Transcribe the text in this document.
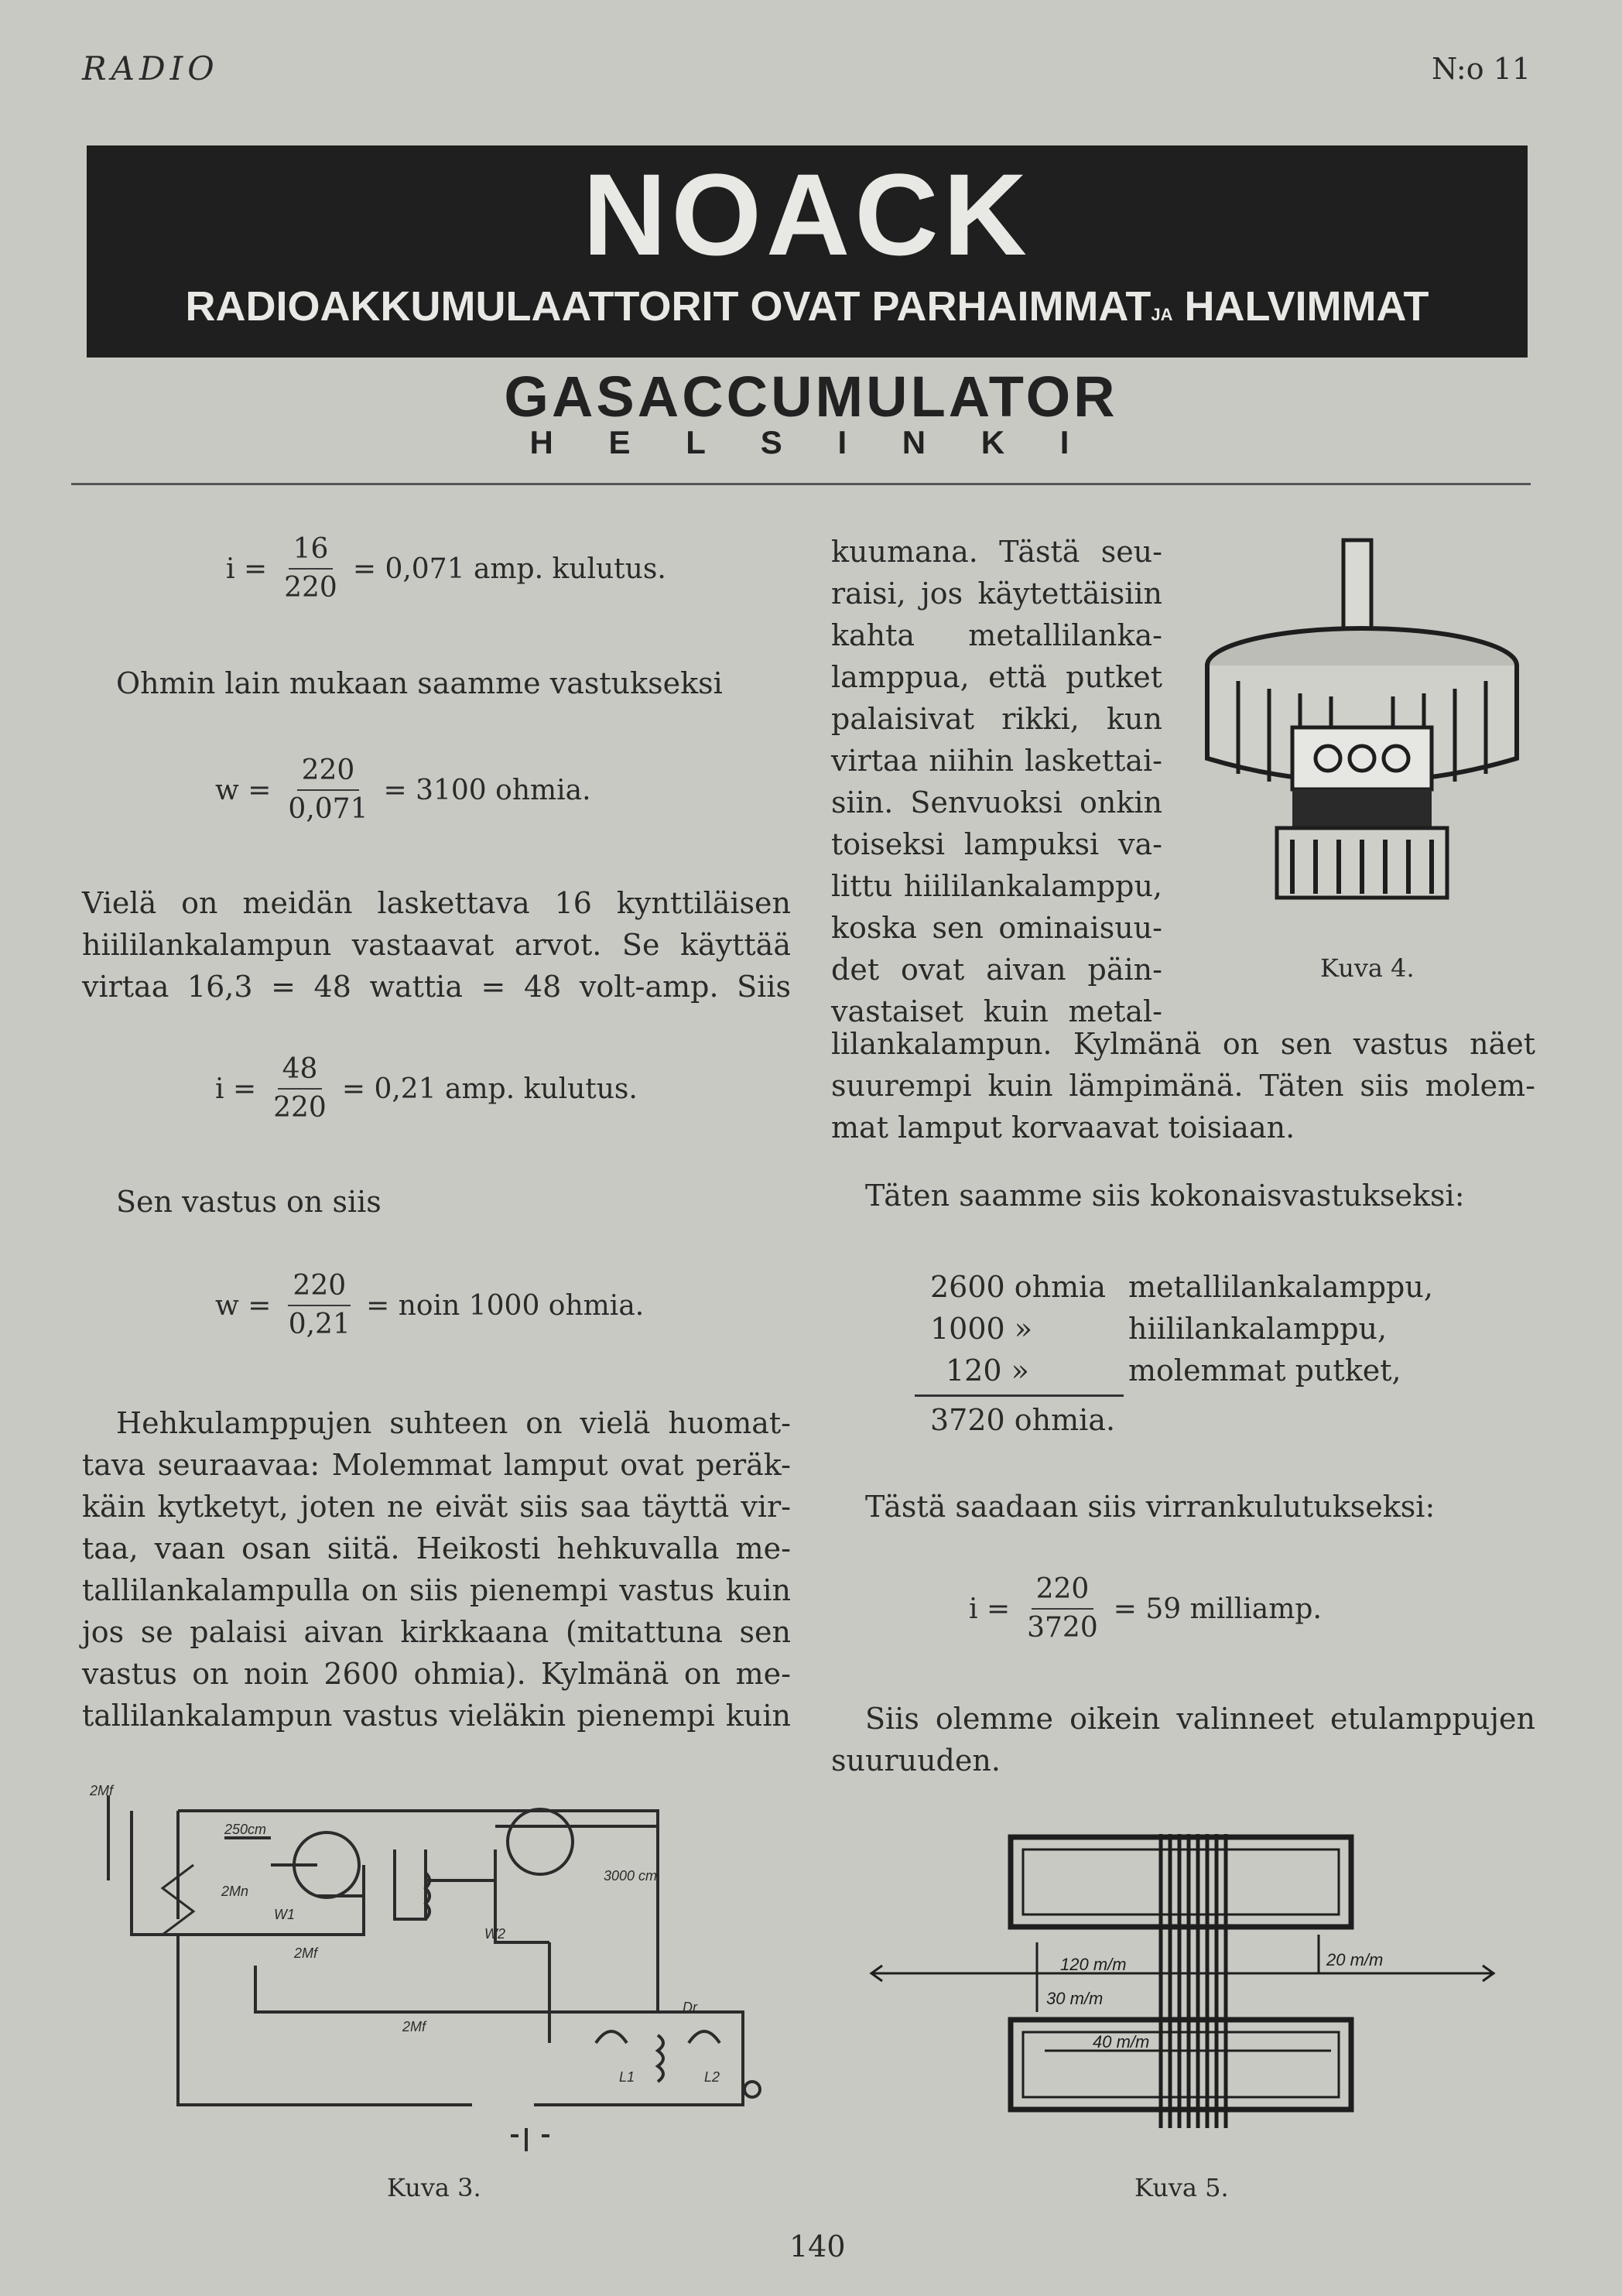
RADIO	N:o 11
NOACK
RADIOAKKUMULAATTORIT OVAT PARHAIMMATJA HALVIMMAT
GASACCUMULATOR
H E L S I N K I
$i = \frac{16}{220} = 0,071$ amp. kulutus.
Ohmin lain mukaan saamme vastukseksi
$w = \frac{220}{0,071} = 3100$ ohmia.
Vielä on meidän laskettava 16 kynttiläisen
hiililankalampun vastaavat arvot. Se käyttää
virtaa 16,3 = 48 wattia = 48 volt-amp. Siis
$i = \frac{48}{220} = 0,21$ amp. kulutus.
Sen vastus on siis
$w = \frac{220}{0,21}$ = noin 1000 ohmia.
Hehkulamppujen suhteen on vielä huomat-
tava seuraavaa: Molemmat lamput ovat peräk-
käin kytketyt, joten ne eivät siis saa täyttä vir-
taa, vaan osan siitä. Heikosti hehkuvalla me-
tallilankalampulla on siis pienempi vastus kuin
jos se palaisi aivan kirkkaana (mitattuna sen
vastus on noin 2600 ohmia). Kylmänä on me-
tallilankalampun vastus vieläkin pienempi kuin
2Mf
250cm
2Mn
W1
2Mf
W2
3000 cm
Dr
2Mf
L1	L2
Kuva 3.
kuumana. Tästä seu-
raisi, jos käytettäisiin
kahta metallilanka-
lamppua, että putket
palaisivat rikki, kun
virtaa niihin laskettai-
siin. Senvuoksi onkin
toiseksi lampuksi va-
littu hiililankalamppu,
koska sen ominaisuu-
det ovat aivan päin-
vastaiset kuin metal-
Kuva 4.
lilankalampun. Kylmänä on sen vastus näet
suurempi kuin lämpimänä. Täten siis molem-
mat lamput korvaavat toisiaan.
Täten saamme siis kokonaisvastukseksi:
2600 ohmia metallilankalamppu,
1000 »	hiililankalamppu,
120 »	molemmat putket,
3720 ohmia.
Tästä saadaan siis virrankulutukseksi:
$i = \frac{220}{3720} = 59$ milliamp.
Siis olemme oikein valinneet etulamppujen
suuruuden.
120 m/m
30 m/m
20 m/m
40 m/m
Kuva 5.
140
